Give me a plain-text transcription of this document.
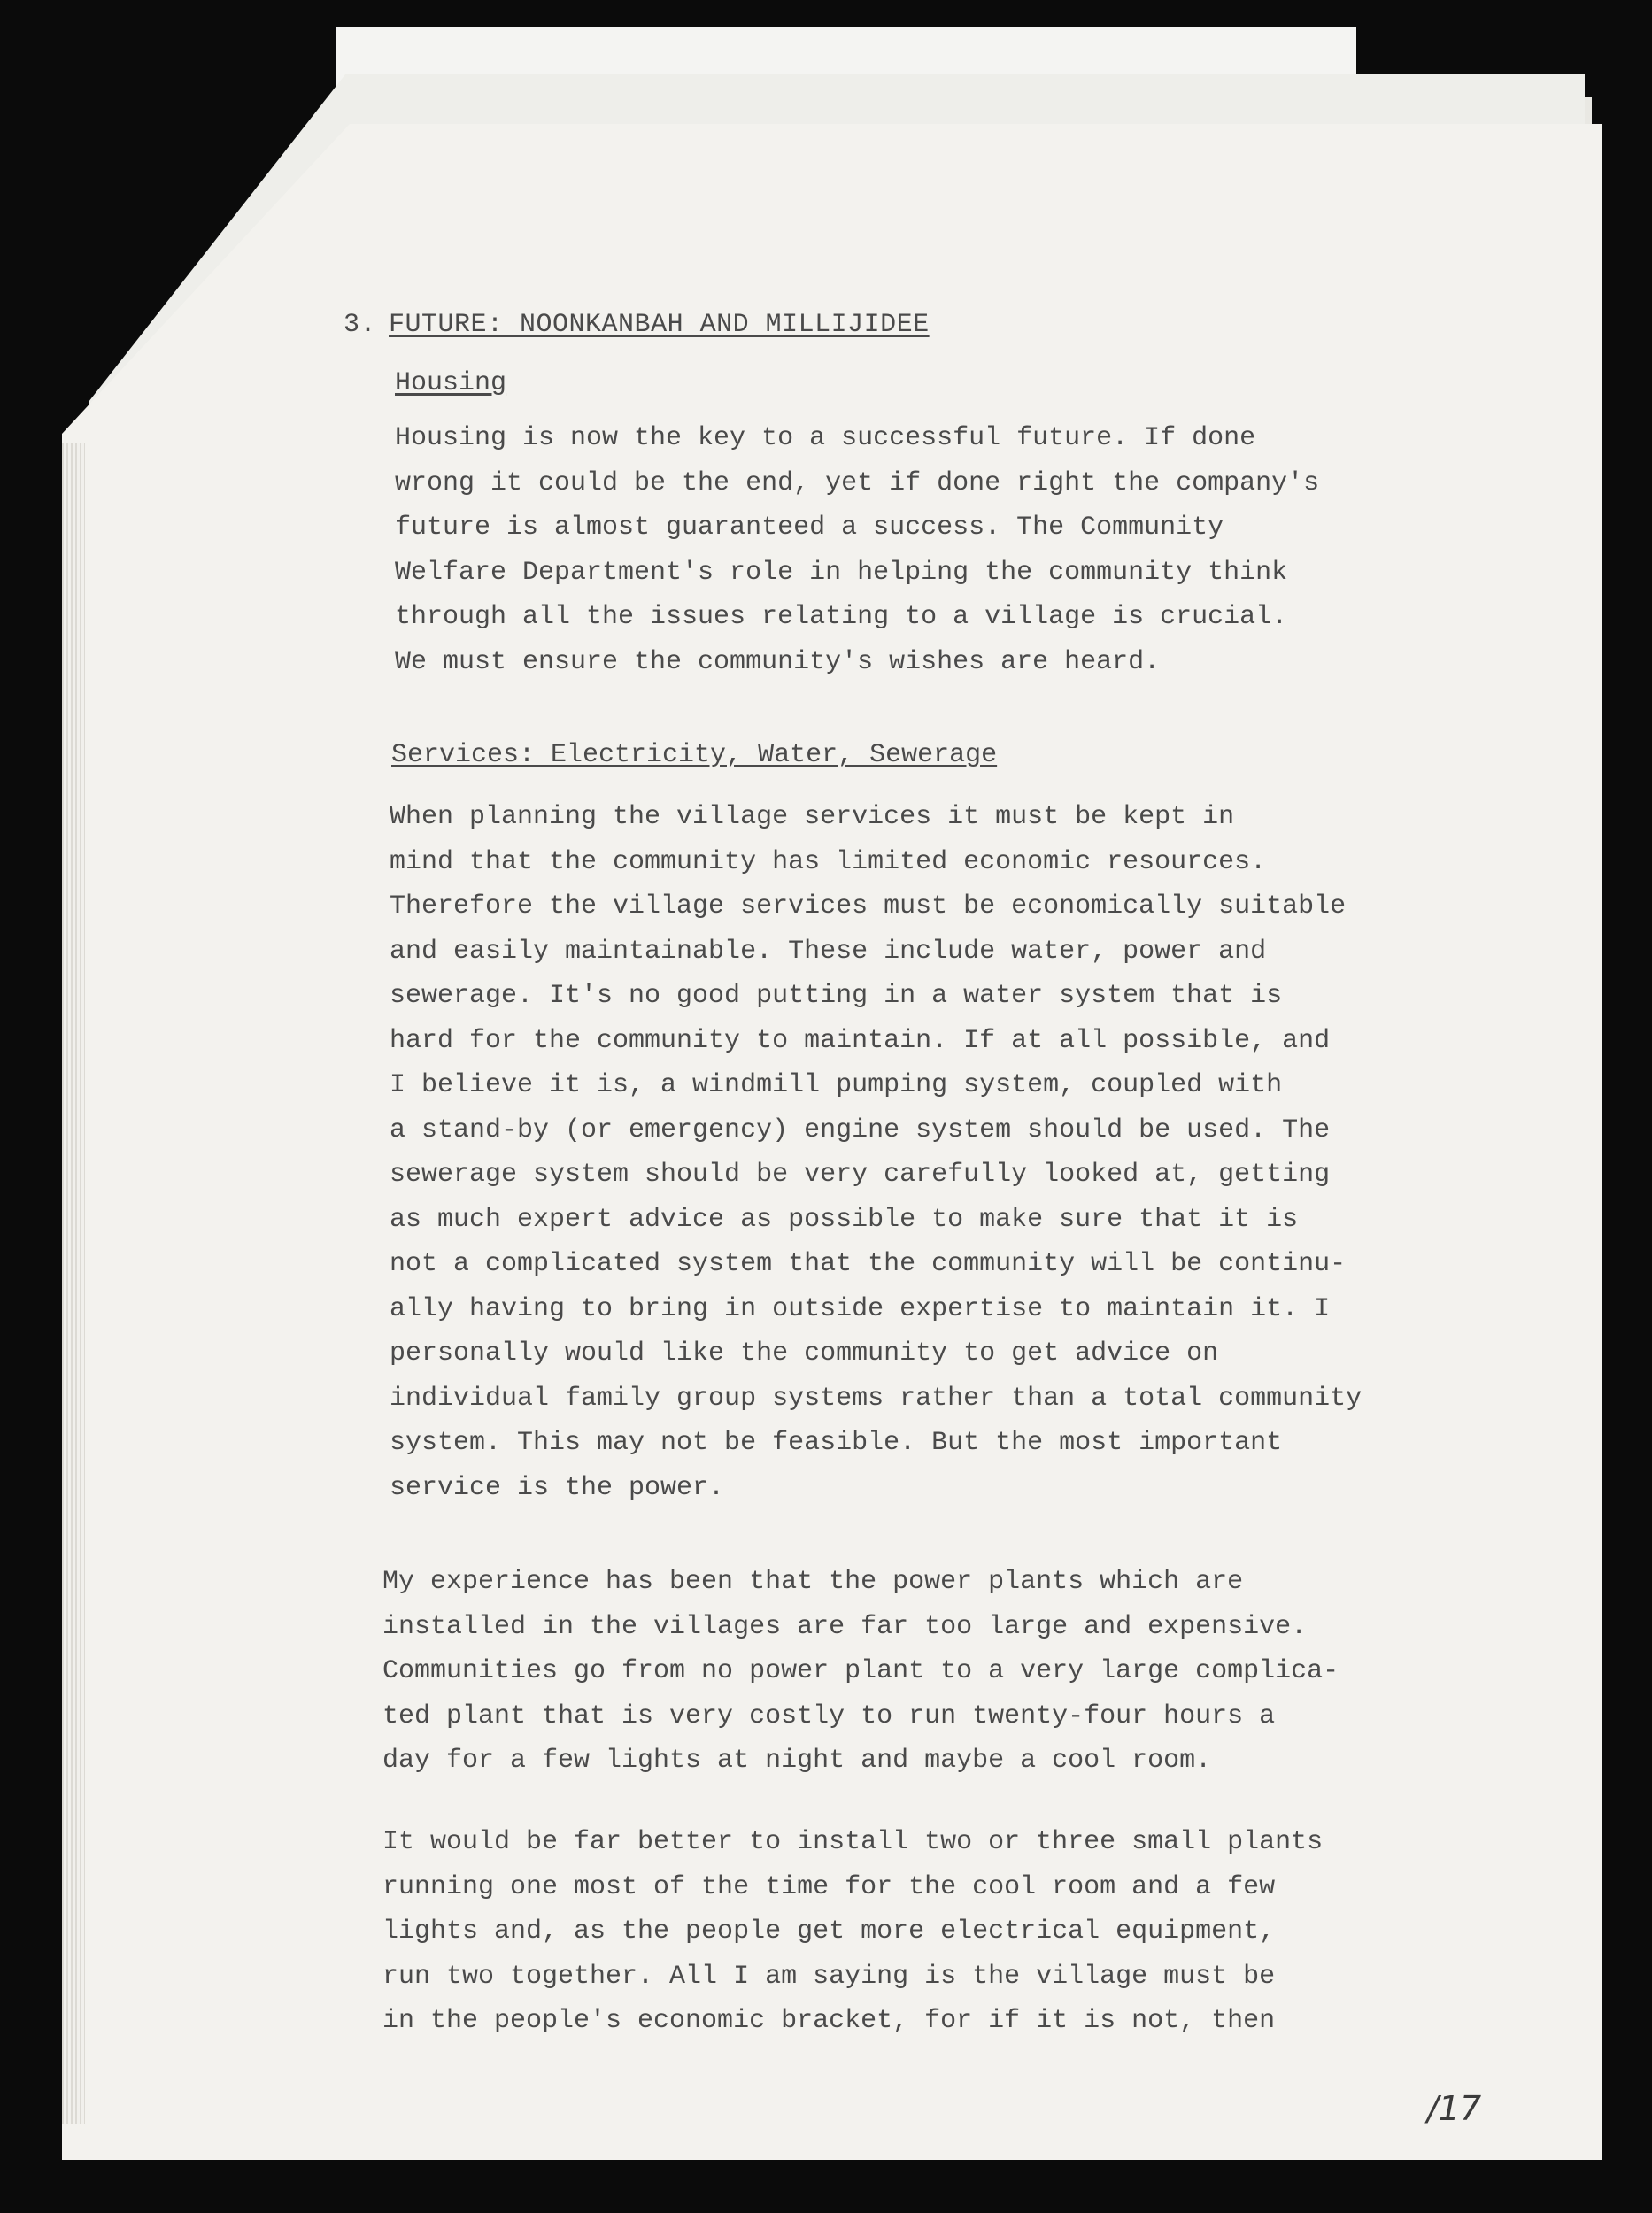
3. FUTURE: NOONKANBAH AND MILLIJIDEE
Housing
Housing is now the key to a successful future. If done
wrong it could be the end, yet if done right the company's
future is almost guaranteed a success. The Community
Welfare Department's role in helping the community think
through all the issues relating to a village is crucial.
We must ensure the community's wishes are heard.
Services: Electricity, Water, Sewerage
When planning the village services it must be kept in
mind that the community has limited economic resources.
Therefore the village services must be economically suitable
and easily maintainable. These include water, power and
sewerage. It's no good putting in a water system that is
hard for the community to maintain. If at all possible, and
I believe it is, a windmill pumping system, coupled with
a stand-by (or emergency) engine system should be used. The
sewerage system should be very carefully looked at, getting
as much expert advice as possible to make sure that it is
not a complicated system that the community will be continu-
ally having to bring in outside expertise to maintain it. I
personally would like the community to get advice on
individual family group systems rather than a total community
system. This may not be feasible. But the most important
service is the power.
My experience has been that the power plants which are
installed in the villages are far too large and expensive.
Communities go from no power plant to a very large complica-
ted plant that is very costly to run twenty-four hours a
day for a few lights at night and maybe a cool room.
It would be far better to install two or three small plants
running one most of the time for the cool room and a few
lights and, as the people get more electrical equipment,
run two together. All I am saying is the village must be
in the people's economic bracket, for if it is not, then
/17
